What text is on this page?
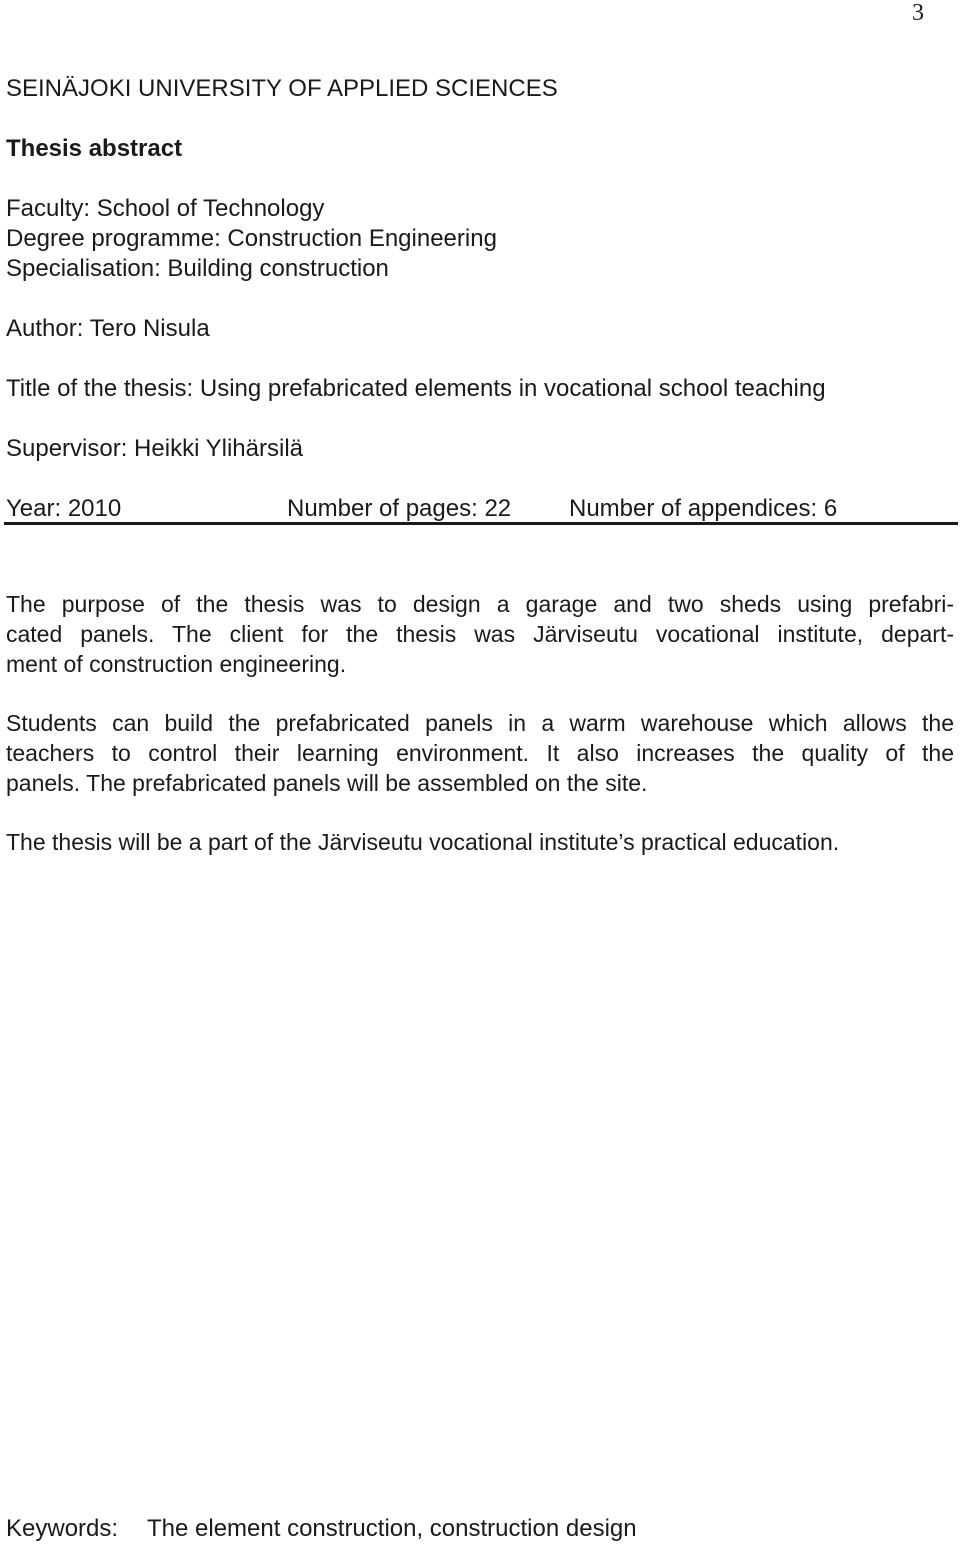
3
SEINÄJOKI UNIVERSITY OF APPLIED SCIENCES
Thesis abstract
Faculty: School of Technology
Degree programme: Construction Engineering
Specialisation: Building construction
Author: Tero Nisula
Title of the thesis: Using prefabricated elements in vocational school teaching
Supervisor: Heikki Ylihärsilä
Year: 2010	Number of pages: 22 Number of appendices: 6
The purpose of the thesis was to design a garage and two sheds using prefabri-
cated panels. The client for the thesis was Järviseutu vocational institute, depart-
ment of construction engineering.
Students can build the prefabricated panels in a warm warehouse which allows the
teachers to control their learning environment. It also increases the quality of the
panels. The prefabricated panels will be assembled on the site.
The thesis will be a part of the Järviseutu vocational institute’s practical education.
Keywords: The element construction, construction design
